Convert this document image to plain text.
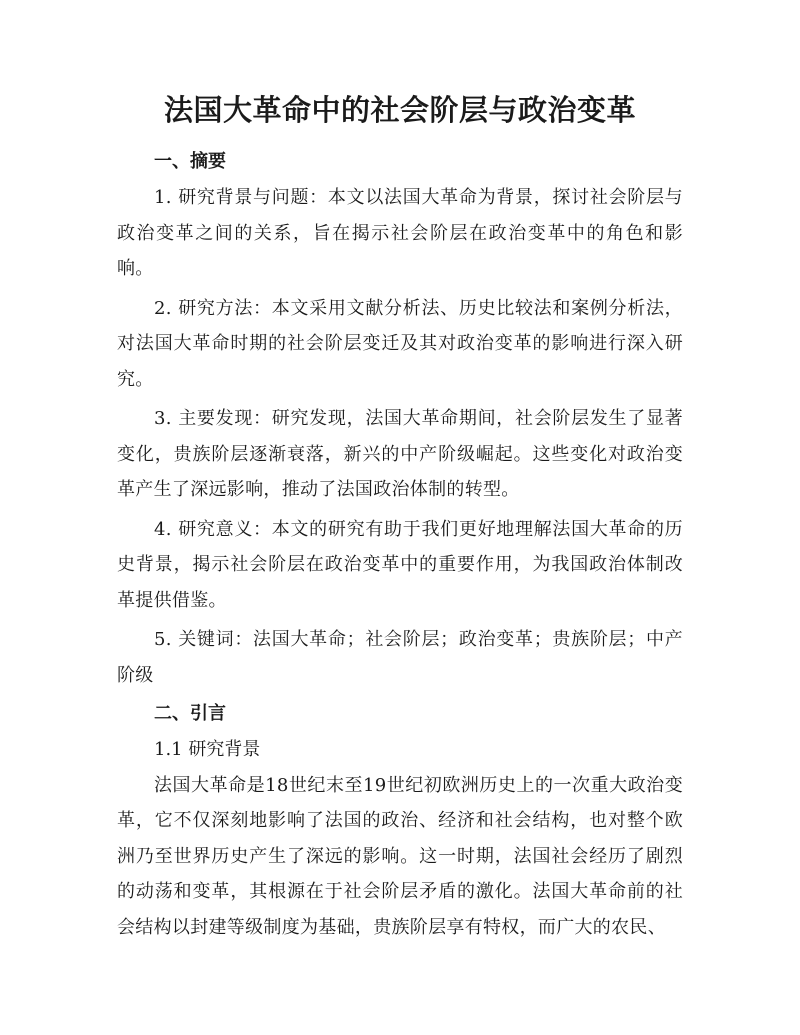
法国大革命中的社会阶层与政治变革
一、摘要

1. 研究背景与问题：本文以法国大革命为背景，探讨社会阶层与政治变革之间的关系，旨在揭示社会阶层在政治变革中的角色和影响。

2. 研究方法：本文采用文献分析法、历史比较法和案例分析法，对法国大革命时期的社会阶层变迁及其对政治变革的影响进行深入研究。

3. 主要发现：研究发现，法国大革命期间，社会阶层发生了显著变化，贵族阶层逐渐衰落，新兴的中产阶级崛起。这些变化对政治变革产生了深远影响，推动了法国政治体制的转型。

4. 研究意义：本文的研究有助于我们更好地理解法国大革命的历史背景，揭示社会阶层在政治变革中的重要作用，为我国政治体制改革提供借鉴。

5. 关键词：法国大革命；社会阶层；政治变革；贵族阶层；中产阶级

二、引言

1.1 研究背景

法国大革命是18世纪末至19世纪初欧洲历史上的一次重大政治变革，它不仅深刻地影响了法国的政治、经济和社会结构，也对整个欧洲乃至世界历史产生了深远的影响。这一时期，法国社会经历了剧烈的动荡和变革，其根源在于社会阶层矛盾的激化。法国大革命前的社会结构以封建等级制度为基础，贵族阶层享有特权，而广大的农民、
